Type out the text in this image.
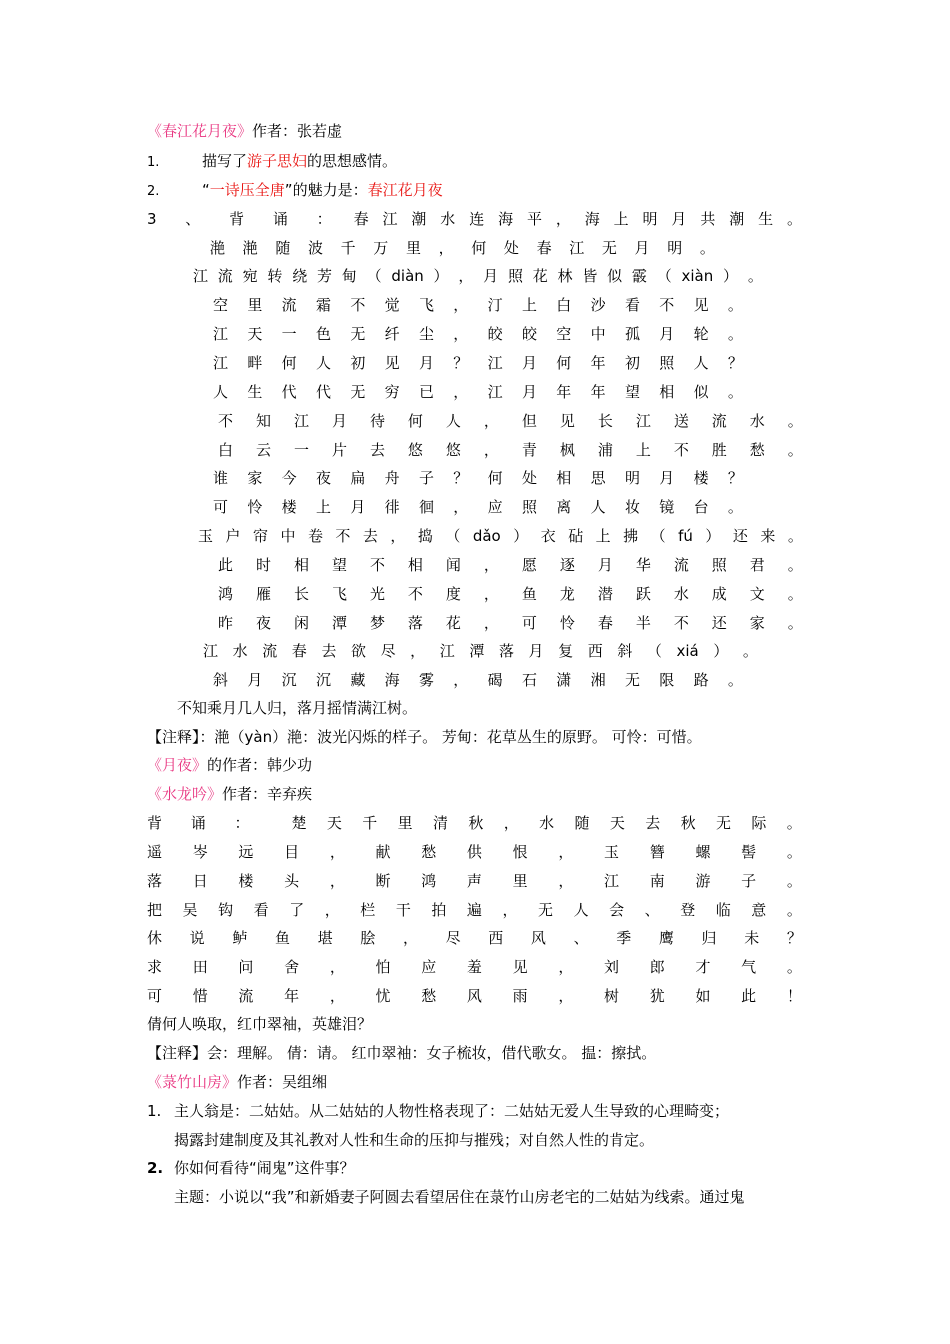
《春江花月夜》作者：张若虚
1.	描写了游子思妇的思想感情。
2.	“一诗压全唐”的魅力是：春江花月夜
3 、 背 诵 ： 春 江 潮 水 连 海 平 ， 海 上 明 月 共 潮 生 。
滟 滟 随 波 千 万 里 ， 何 处 春 江 无 月 明 。
江 流 宛 转 绕 芳 甸 （ diàn ） ， 月 照 花 林 皆 似 霰 （ xiàn ） 。
空 里 流 霜 不 觉 飞 ， 汀 上 白 沙 看 不 见 。
江 天 一 色 无 纤 尘 ， 皎 皎 空 中 孤 月 轮 。
江 畔 何 人 初 见 月 ？ 江 月 何 年 初 照 人 ？
人 生 代 代 无 穷 已 ， 江 月 年 年 望 相 似 。
不 知 江 月 待 何 人 ， 但 见 长 江 送 流 水 。
白 云 一 片 去 悠 悠 ， 青 枫 浦 上 不 胜 愁 。
谁 家 今 夜 扁 舟 子 ？ 何 处 相 思 明 月 楼 ？
可 怜 楼 上 月 徘 徊 ， 应 照 离 人 妆 镜 台 。
玉 户 帘 中 卷 不 去 ， 捣 （ dǎo ） 衣 砧 上 拂 （ fú ） 还 来 。
此 时 相 望 不 相 闻 ， 愿 逐 月 华 流 照 君 。
鸿 雁 长 飞 光 不 度 ， 鱼 龙 潜 跃 水 成 文 。
昨 夜 闲 潭 梦 落 花 ， 可 怜 春 半 不 还 家 。
江 水 流 春 去 欲 尽 ， 江 潭 落 月 复 西 斜 （ xiá ） 。
斜 月 沉 沉 藏 海 雾 ， 碣 石 潇 湘 无 限 路 。
不知乘月几人归，落月摇情满江树。
【注释】：滟（yàn）滟：波光闪烁的样子。 芳甸：花草丛生的原野。 可怜：可惜。
《月夜》的作者：韩少功
《水龙吟》作者：辛弃疾
背 诵 ： 楚 天 千 里 清 秋 ， 水 随 天 去 秋 无 际 。
遥 岑 远 目 ， 献 愁 供 恨 ， 玉 簪 螺 髻 。
落 日 楼 头 ， 断 鸿 声 里 ， 江 南 游 子 。
把 吴 钩 看 了 ， 栏 干 拍 遍 ， 无 人 会 、 登 临 意 。
休 说 鲈 鱼 堪 脍 ， 尽 西 风 、 季 鹰 归 未 ？
求 田 问 舍 ， 怕 应 羞 见 ， 刘 郎 才 气 。
可 惜 流 年 ， 忧 愁 风 雨 ， 树 犹 如 此 ！
倩何人唤取，红巾翠袖，英雄泪？
【注释】会：理解。 倩：请。 红巾翠袖：女子梳妆，借代歌女。 揾：擦拭。
《菉竹山房》作者：吴组缃
1. 主人翁是：二姑姑。从二姑姑的人物性格表现了：二姑姑无爱人生导致的心理畸变；
揭露封建制度及其礼教对人性和生命的压抑与摧残；对自然人性的肯定。
2. 你如何看待“闹鬼”这件事？
主题：小说以“我”和新婚妻子阿圆去看望居住在菉竹山房老宅的二姑姑为线索。通过鬼
